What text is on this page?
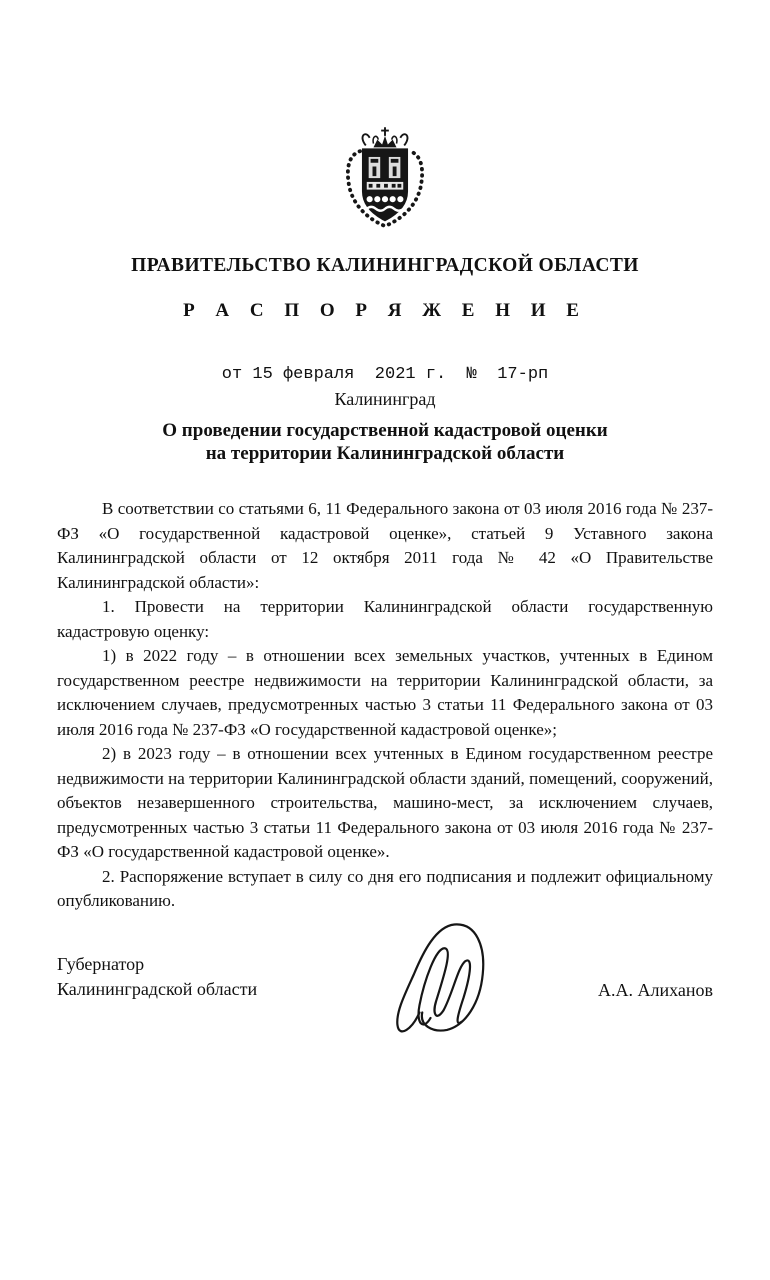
ПРАВИТЕЛЬСТВО КАЛИНИНГРАДСКОЙ ОБЛАСТИ
Р А С П О Р Я Ж Е Н И Е
от 15 февраля  2021 г.  №  17-рп
Калининград
О проведении государственной кадастровой оценки
на территории Калининградской области

В соответствии со статьями 6, 11 Федерального закона от 03 июля 2016 года № 237-ФЗ «О государственной кадастровой оценке», статьей 9 Уставного закона Калининградской области от 12 октября 2011 года № 42 «О Правительстве Калининградской области»:

1. Провести на территории Калининградской области государственную кадастровую оценку:

1) в 2022 году – в отношении всех земельных участков, учтенных в Едином государственном реестре недвижимости на территории Калининградской области, за исключением случаев, предусмотренных частью 3 статьи 11 Федерального закона от 03 июля 2016 года № 237-ФЗ «О государственной кадастровой оценке»;

2) в 2023 году – в отношении всех учтенных в Едином государственном реестре недвижимости на территории Калининградской области зданий, помещений, сооружений, объектов незавершенного строительства, машино-мест, за исключением случаев, предусмотренных частью 3 статьи 11 Федерального закона от 03 июля 2016 года № 237-ФЗ «О государственной кадастровой оценке».

2. Распоряжение вступает в силу со дня его подписания и подлежит официальному опубликованию.

Губернатор
Калининградской области	А.А. Алиханов
